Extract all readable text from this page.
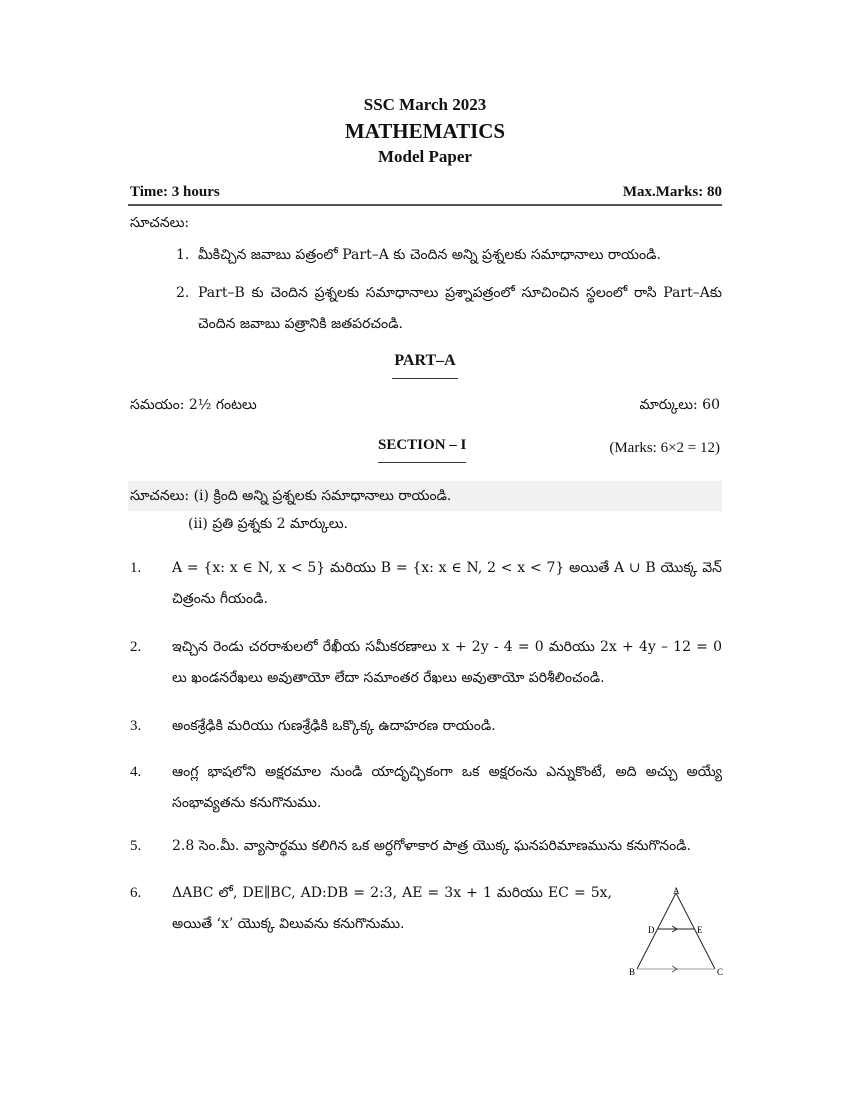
SSC March 2023
MATHEMATICS
Model Paper
Time: 3 hours	Max.Marks: 80
సూచనలు:
1. మీకిచ్చిన జవాబు పత్రంలో Part–A కు చెందిన అన్ని ప్రశ్నలకు సమాధానాలు రాయండి.
2. Part–B కు చెందిన ప్రశ్నలకు సమాధానాలు ప్రశ్నాపత్రంలో సూచించిన స్థలంలో రాసి Part–Aకు చెందిన జవాబు పత్రానికి జతపరచండి.
PART–A
సమయం: 2½ గంటలు	మార్కులు: 60
SECTION – I	(Marks: 6×2 = 12)
సూచనలు: (i) క్రింది అన్ని ప్రశ్నలకు సమాధానాలు రాయండి.
(ii) ప్రతి ప్రశ్నకు 2 మార్కులు.
1.	A = {x: x ∈ N, x < 5} మరియు B = {x: x ∈ N, 2 < x < 7} అయితే A ∪ B యొక్క వెన్ చిత్రంను గీయండి.
2.	ఇచ్చిన రెండు చరరాశులలో రేఖీయ సమీకరణాలు x + 2y - 4 = 0 మరియు 2x + 4y – 12 = 0 లు ఖండనరేఖలు అవుతాయో లేదా సమాంతర రేఖలు అవుతాయో పరిశీలించండి.
3.	అంకశ్రేఢికి మరియు గుణశ్రేఢికి ఒక్కొక్క ఉదాహరణ రాయండి.
4.	ఆంగ్ల భాషలోని అక్షరమాల నుండి యాదృచ్ఛికంగా ఒక అక్షరంను ఎన్నుకొంటే, అది అచ్చు అయ్యే సంభావ్యతను కనుగొనుము.
5.	2.8 సెం.మీ. వ్యాసార్థము కలిగిన ఒక అర్ధగోళాకార పాత్ర యొక్క ఘనపరిమాణమును కనుగొనండి.
6.	ΔABC లో, DE∥BC, AD:DB = 2:3, AE = 3x + 1 మరియు EC = 5x, అయితే ‘x’ యొక్క విలువను కనుగొనుము.
A
D	E
B	C
